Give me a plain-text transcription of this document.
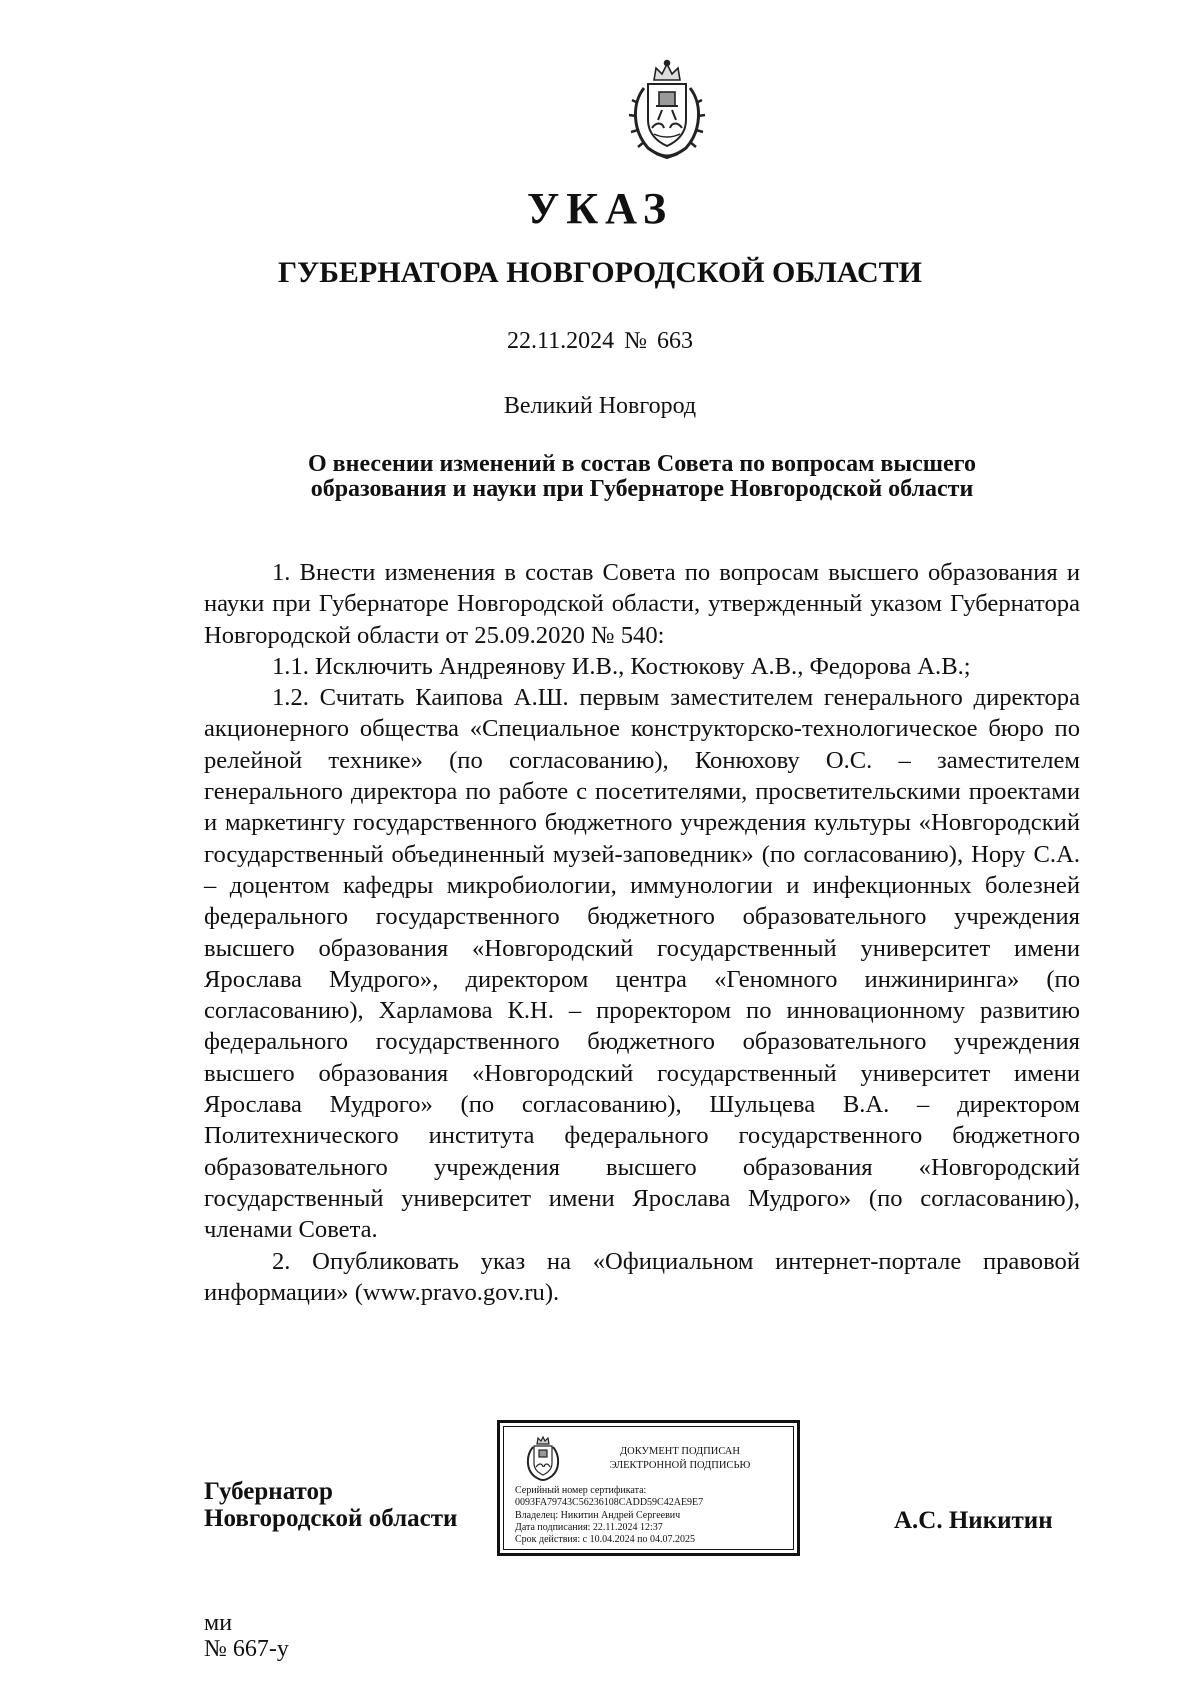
УКАЗ
ГУБЕРНАТОРА НОВГОРОДСКОЙ ОБЛАСТИ
22.11.2024 № 663
Великий Новгород
О внесении изменений в состав Совета по вопросам высшего
образования и науки при Губернаторе Новгородской области

1. Внести изменения в состав Совета по вопросам высшего образования и науки при Губернаторе Новгородской области, утвержденный указом Губернатора Новгородской области от 25.09.2020 № 540:

1.1. Исключить Андреянову И.В., Костюкову А.В., Федорова А.В.;

1.2. Считать Каипова А.Ш. первым заместителем генерального директора акционерного общества «Специальное конструкторско-технологическое бюро по релейной технике» (по согласованию), Конюхову О.С. – заместителем генерального директора по работе с посетителями, просветительскими проектами и маркетингу государственного бюджетного учреждения культуры «Новгородский государственный объединенный музей-заповедник» (по согласованию), Нору С.А. – доцентом кафедры микробиологии, иммунологии и инфекционных болезней федерального государственного бюджетного образовательного учреждения высшего образования «Новгородский государственный университет имени Ярослава Мудрого», директором центра «Геномного инжиниринга» (по согласованию), Харламова К.Н. – проректором по инновационному развитию федерального государственного бюджетного образовательного учреждения высшего образования «Новгородский государственный университет имени Ярослава Мудрого» (по согласованию), Шульцева В.А. – директором Политехнического института федерального государственного бюджетного образовательного учреждения высшего образования «Новгородский государственный университет имени Ярослава Мудрого» (по согласованию), членами Совета.

2. Опубликовать указ на «Официальном интернет-портале правовой информации» (www.pravo.gov.ru).

Губернатор
Новгородской области
ДОКУМЕНТ ПОДПИСАН
ЭЛЕКТРОННОЙ ПОДПИСЬЮ
Серийный номер сертификата:
0093FA79743C56236108CADD59C42AE9E7
Владелец: Никитин Андрей Сергеевич
Дата подписания: 22.11.2024 12:37
Срок действия: с 10.04.2024 по 04.07.2025
А.С. Никитин
ми
№ 667-у
